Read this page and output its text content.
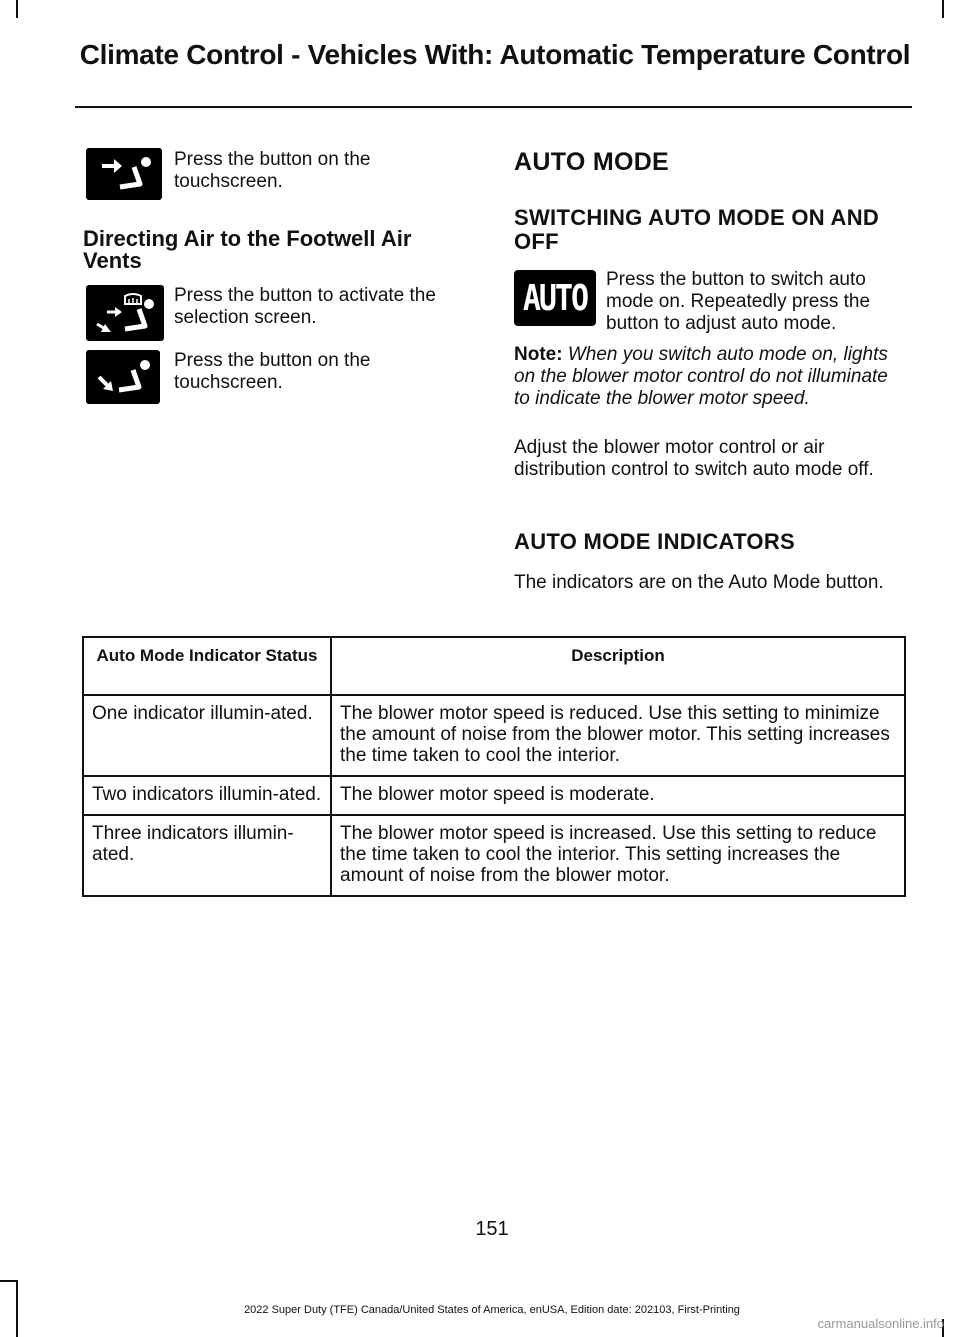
Climate Control - Vehicles With: Automatic Temperature Control
Press the button on the touchscreen.
Directing Air to the Footwell Air Vents
Press the button to activate the selection screen.
Press the button on the touchscreen.
AUTO MODE
SWITCHING AUTO MODE ON AND OFF
AUTO Press the button to switch auto mode on. Repeatedly press the button to adjust auto mode.
Note: When you switch auto mode on, lights on the blower motor control do not illuminate to indicate the blower motor speed.
Adjust the blower motor control or air distribution control to switch auto mode off.
AUTO MODE INDICATORS
The indicators are on the Auto Mode button.
Auto Mode Indicator Status	Description
One indicator illumin-ated.	The blower motor speed is reduced. Use this setting to minimize the amount of noise from the blower motor. This setting increases the time taken to cool the interior.
Two indicators illumin-ated.	The blower motor speed is moderate.
Three indicators illumin-ated.	The blower motor speed is increased. Use this setting to reduce the time taken to cool the interior. This setting increases the amount of noise from the blower motor.
151
2022 Super Duty (TFE) Canada/United States of America, enUSA, Edition date: 202103, First-Printing
carmanualsonline.info
